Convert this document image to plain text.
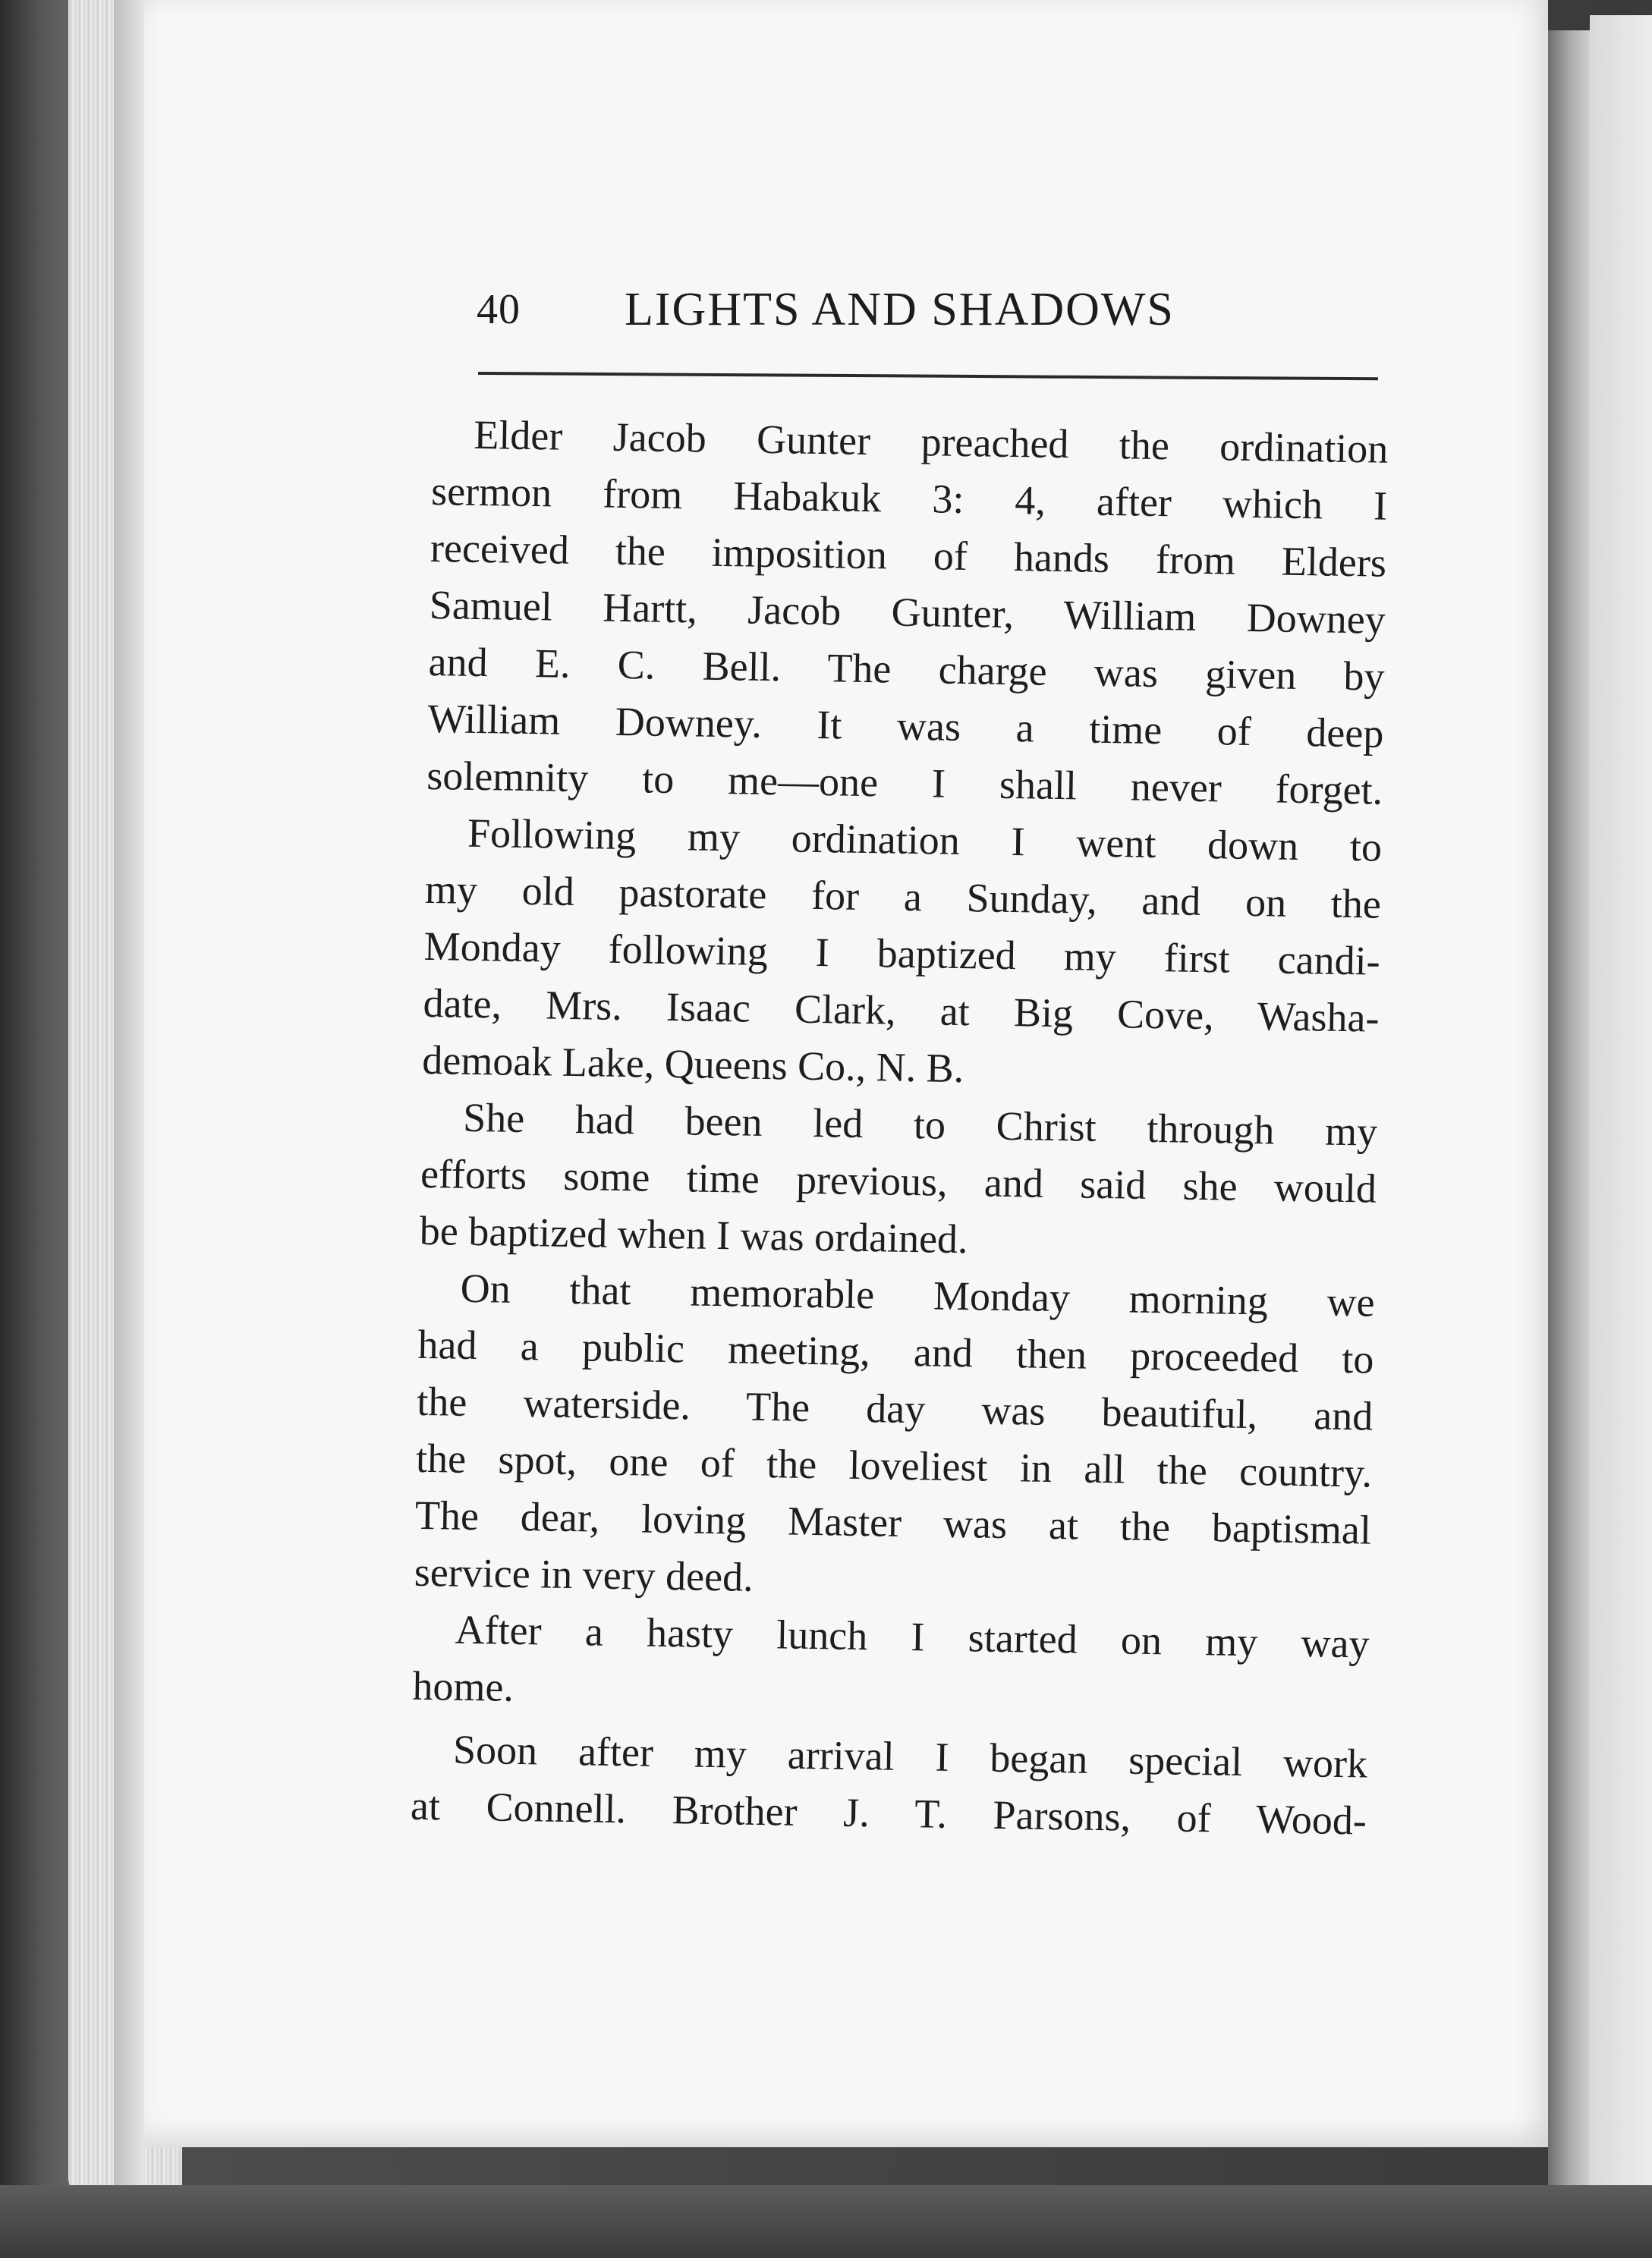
40 LIGHTS AND SHADOWS
Elder Jacob Gunter preached the ordination
sermon from Habakuk 3: 4, after which I
received the imposition of hands from Elders
Samuel Hartt, Jacob Gunter, William Downey
and E. C. Bell. The charge was given by
William Downey. It was a time of deep
solemnity to me—one I shall never forget.
Following my ordination I went down to
my old pastorate for a Sunday, and on the
Monday following I baptized my first candi-
date, Mrs. Isaac Clark, at Big Cove, Washa-
demoak Lake, Queens Co., N. B.
She had been led to Christ through my
efforts some time previous, and said she would
be baptized when I was ordained.
On that memorable Monday morning we
had a public meeting, and then proceeded to
the waterside. The day was beautiful, and
the spot, one of the loveliest in all the country.
The dear, loving Master was at the baptismal
service in very deed.
After a hasty lunch I started on my way
home.
Soon after my arrival I began special work
at Connell. Brother J. T. Parsons, of Wood-
